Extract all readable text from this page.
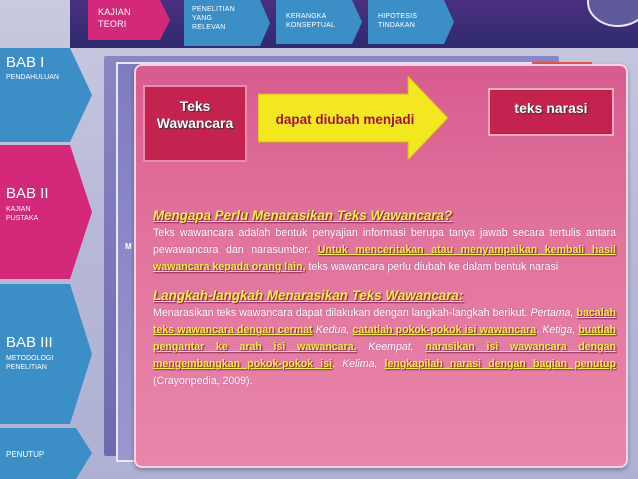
KAJIAN
TEORI
PENELITIAN
YANG
RELEVAN
KERANGKA
KONSEPTUAL
HIPOTESIS
TINDAKAN
BAB I
PENDAHULUAN
BAB II
KAJIAN
PUSTAKA
BAB III
METODOLOGI
PENELITIAN
PENUTUP
M
Teks
Wawancara	dapat diubah menjadi
teks narasi
Mengapa Perlu Menarasikan Teks Wawancara?
Teks wawancara adalah bentuk penyajian informasi berupa tanya jawab secara tertulis antara pewawancara dan narasumber. Untuk menceritakan atau menyampaikan kembali hasil wawancara kepada orang lain, teks wawancara perlu diubah ke dalam bentuk narasi
Langkah-langkah Menarasikan Teks Wawancara:
Menarasikan teks wawancara dapat dilakukan dengan langkah-langkah berikut. Pertama, bacalah teks wawancara dengan cermat Kedua, catatlah pokok-pokok isi wawancara. Ketiga, buatlah pengantar ke arah isi wawancara. Keempat, narasikan isi wawancara dengan mengembangkan pokok-pokok isi. Kelima, lengkapilah narasi dengan bagian penutup (Crayonpedia, 2009).
